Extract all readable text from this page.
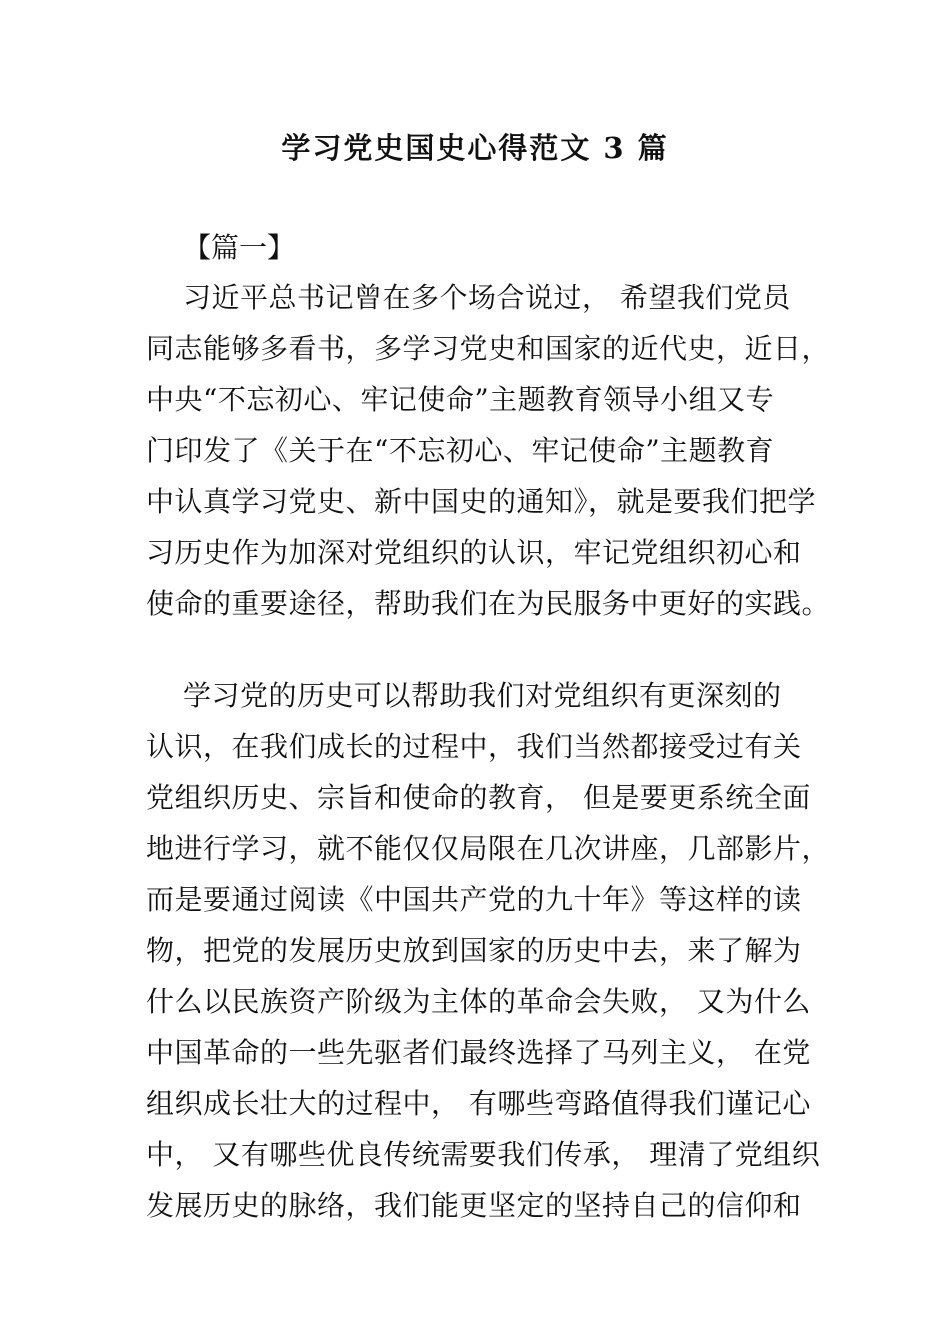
学习党史国史心得范文 3 篇
【篇一】
习近平总书记曾在多个场合说过， 希望我们党员
同志能够多看书，多学习党史和国家的近代史，近日，
中央“不忘初心、牢记使命”主题教育领导小组又专
门印发了《关于在“不忘初心、牢记使命”主题教育
中认真学习党史、新中国史的通知》，就是要我们把学
习历史作为加深对党组织的认识，牢记党组织初心和
使命的重要途径，帮助我们在为民服务中更好的实践。
学习党的历史可以帮助我们对党组织有更深刻的
认识，在我们成长的过程中，我们当然都接受过有关
党组织历史、宗旨和使命的教育， 但是要更系统全面
地进行学习，就不能仅仅局限在几次讲座，几部影片，
而是要通过阅读《中国共产党的九十年》等这样的读
物，把党的发展历史放到国家的历史中去，来了解为
什么以民族资产阶级为主体的革命会失败， 又为什么
中国革命的一些先驱者们最终选择了马列主义， 在党
组织成长壮大的过程中， 有哪些弯路值得我们谨记心
中， 又有哪些优良传统需要我们传承， 理清了党组织
发展历史的脉络，我们能更坚定的坚持自己的信仰和
